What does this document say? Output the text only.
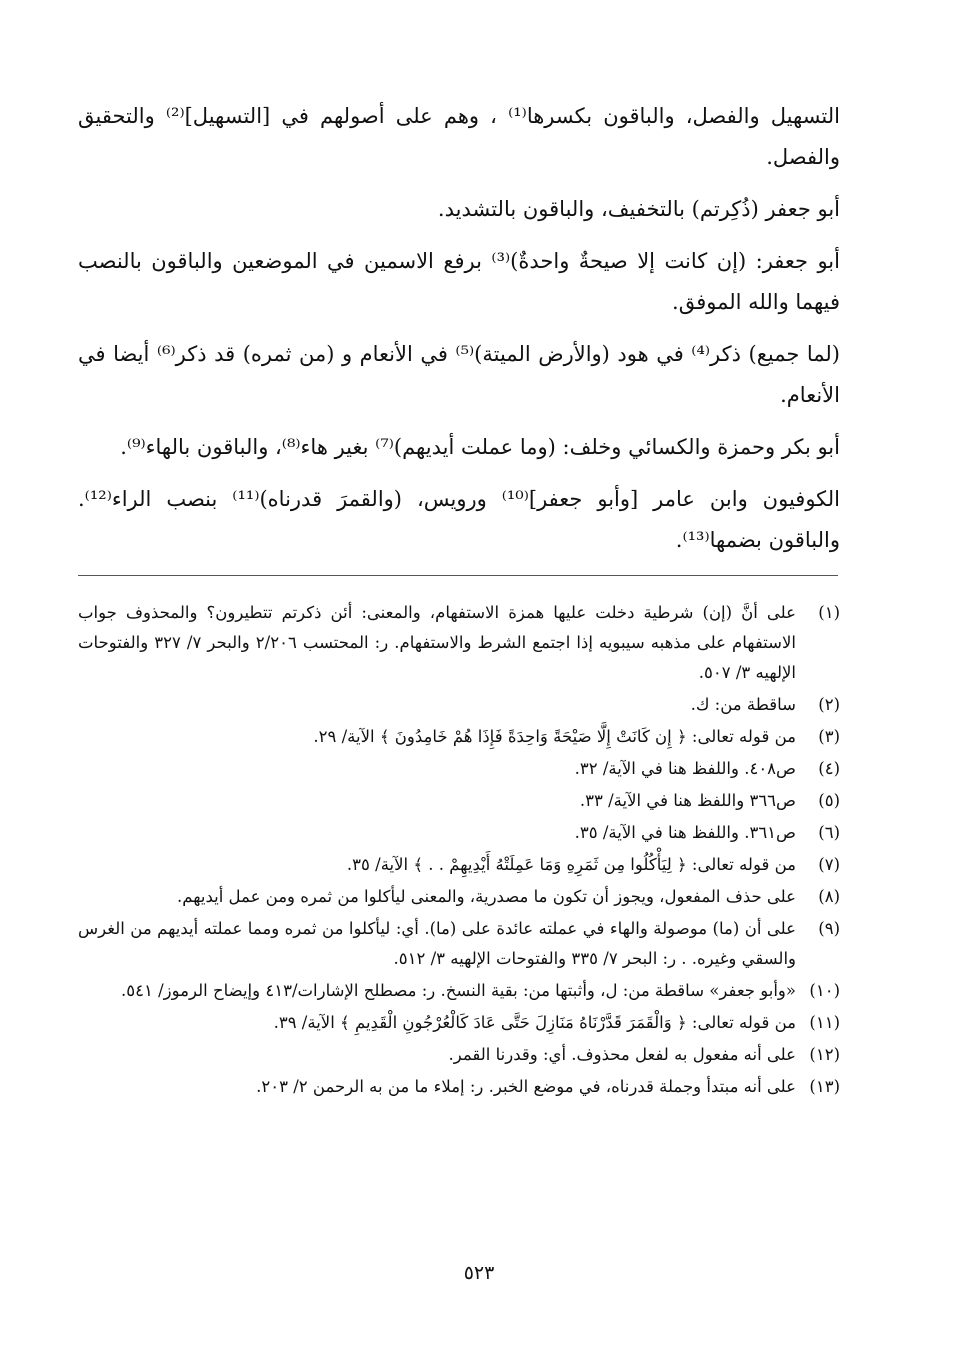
التسهيل والفصل، والباقون بكسرها⁽¹⁾ ، وهم على أصولهم في [التسهيل]⁽²⁾ والتحقيق والفصل.

أبو جعفر (ذُكِرتم) بالتخفيف، والباقون بالتشديد.

أبو جعفر: (إن كانت إلا صيحةٌ واحدةٌ)⁽³⁾ برفع الاسمين في الموضعين والباقون بالنصب فيهما والله الموفق.

(لما جميع) ذكر⁽⁴⁾ في هود (والأرض الميتة)⁽⁵⁾ في الأنعام و (من ثمره) قد ذكر⁽⁶⁾ أيضا في الأنعام.

أبو بكر وحمزة والكسائي وخلف: (وما عملت أيديهم)⁽⁷⁾ بغير هاء⁽⁸⁾، والباقون بالهاء⁽⁹⁾.

الكوفيون وابن عامر [وأبو جعفر]⁽¹⁰⁾ ورويس، (والقمرَ قدرناه)⁽¹¹⁾ بنصب الراء⁽¹²⁾. والباقون بضمها⁽¹³⁾.

(١)
على أنَّ (إن) شرطية دخلت عليها همزة الاستفهام، والمعنى: أئن ذكرتم تتطيرون؟ والمحذوف جواب الاستفهام على مذهبه سيبويه إذا اجتمع الشرط والاستفهام. ر: المحتسب ٢/٢٠٦ والبحر ٧/ ٣٢٧ والفتوحات الإلهيه ٣/ ٥٠٧.
(٢)
ساقطة من: ك.
(٣)
من قوله تعالى: ﴿ إِن كَانَتْ إِلَّا صَيْحَةً وَاحِدَةً فَإِذَا هُمْ خَامِدُونَ ﴾ الآية/ ٢٩.
(٤)
ص٤٠٨. واللفظ هنا في الآية/ ٣٢.
(٥)
ص٣٦٦ واللفظ هنا في الآية/ ٣٣.
(٦)
ص٣٦١. واللفظ هنا في الآية/ ٣٥.
(٧)
من قوله تعالى: ﴿ لِيَأْكُلُوا مِن ثَمَرِهِ وَمَا عَمِلَتْهُ أَيْدِيهِمْ . . ﴾ الآية/ ٣٥.
(٨)
على حذف المفعول، ويجوز أن تكون ما مصدرية، والمعنى ليأكلوا من ثمره ومن عمل أيديهم.
(٩)
على أن (ما) موصولة والهاء في عملته عائدة على (ما). أي: ليأكلوا من ثمره ومما عملته أيديهم من الغرس والسقي وغيره. . ر: البحر ٧/ ٣٣٥ والفتوحات الإلهيه ٣/ ٥١٢.
(١٠)
«وأبو جعفر» ساقطة من: ل، وأثبتها من: بقية النسخ. ر: مصطلح الإشارات/٤١٣ وإيضاح الرموز/ ٥٤١.
(١١)
من قوله تعالى: ﴿ وَالْقَمَرَ قَدَّرْنَاهُ مَنَازِلَ حَتَّى عَادَ كَالْعُرْجُونِ الْقَدِيمِ ﴾ الآية/ ٣٩.
(١٢)
على أنه مفعول به لفعل محذوف. أي: وقدرنا القمر.
(١٣)
على أنه مبتدأ وجملة قدرناه، في موضع الخبر. ر: إملاء ما من به الرحمن ٢/ ٢٠٣.
٥٢٣
